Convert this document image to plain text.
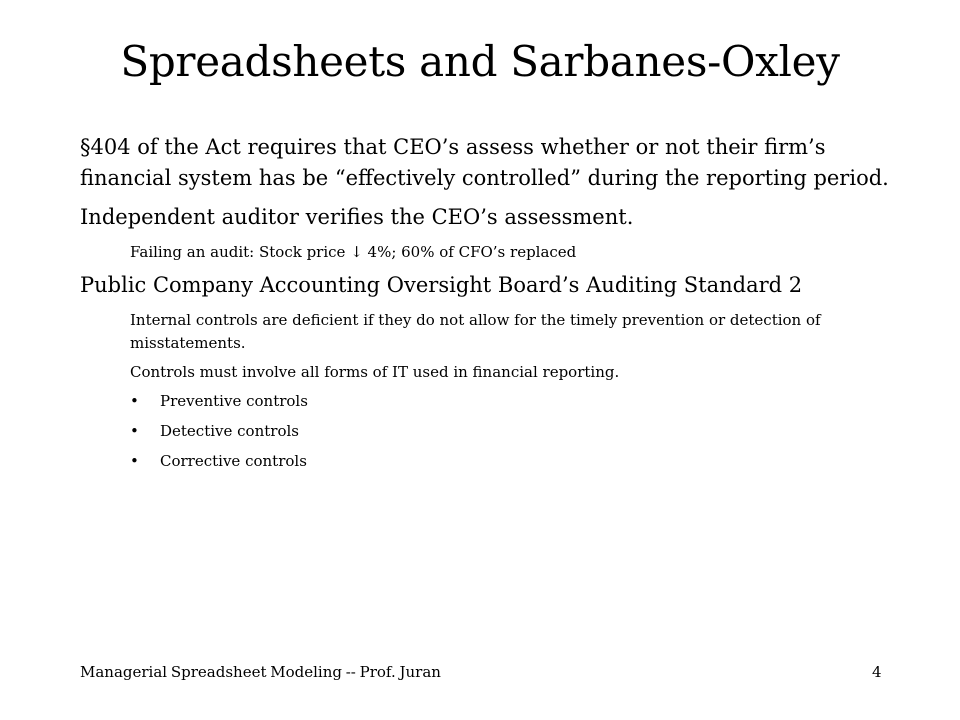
Spreadsheets and Sarbanes-Oxley

§404 of the Act requires that CEO’s assess whether or not their firm’s financial system has be “effectively controlled” during the reporting period.

Independent auditor verifies the CEO’s assessment.

Failing an audit: Stock price ↓ 4%; 60% of CFO’s replaced

Public Company Accounting Oversight Board’s Auditing Standard 2

Internal controls are deficient if they do not allow for the timely prevention or detection of misstatements.

Controls must involve all forms of IT used in financial reporting.

•	Preventive controls
•	Detective controls
•	Corrective controls
Managerial Spreadsheet Modeling -- Prof. Juran	4
